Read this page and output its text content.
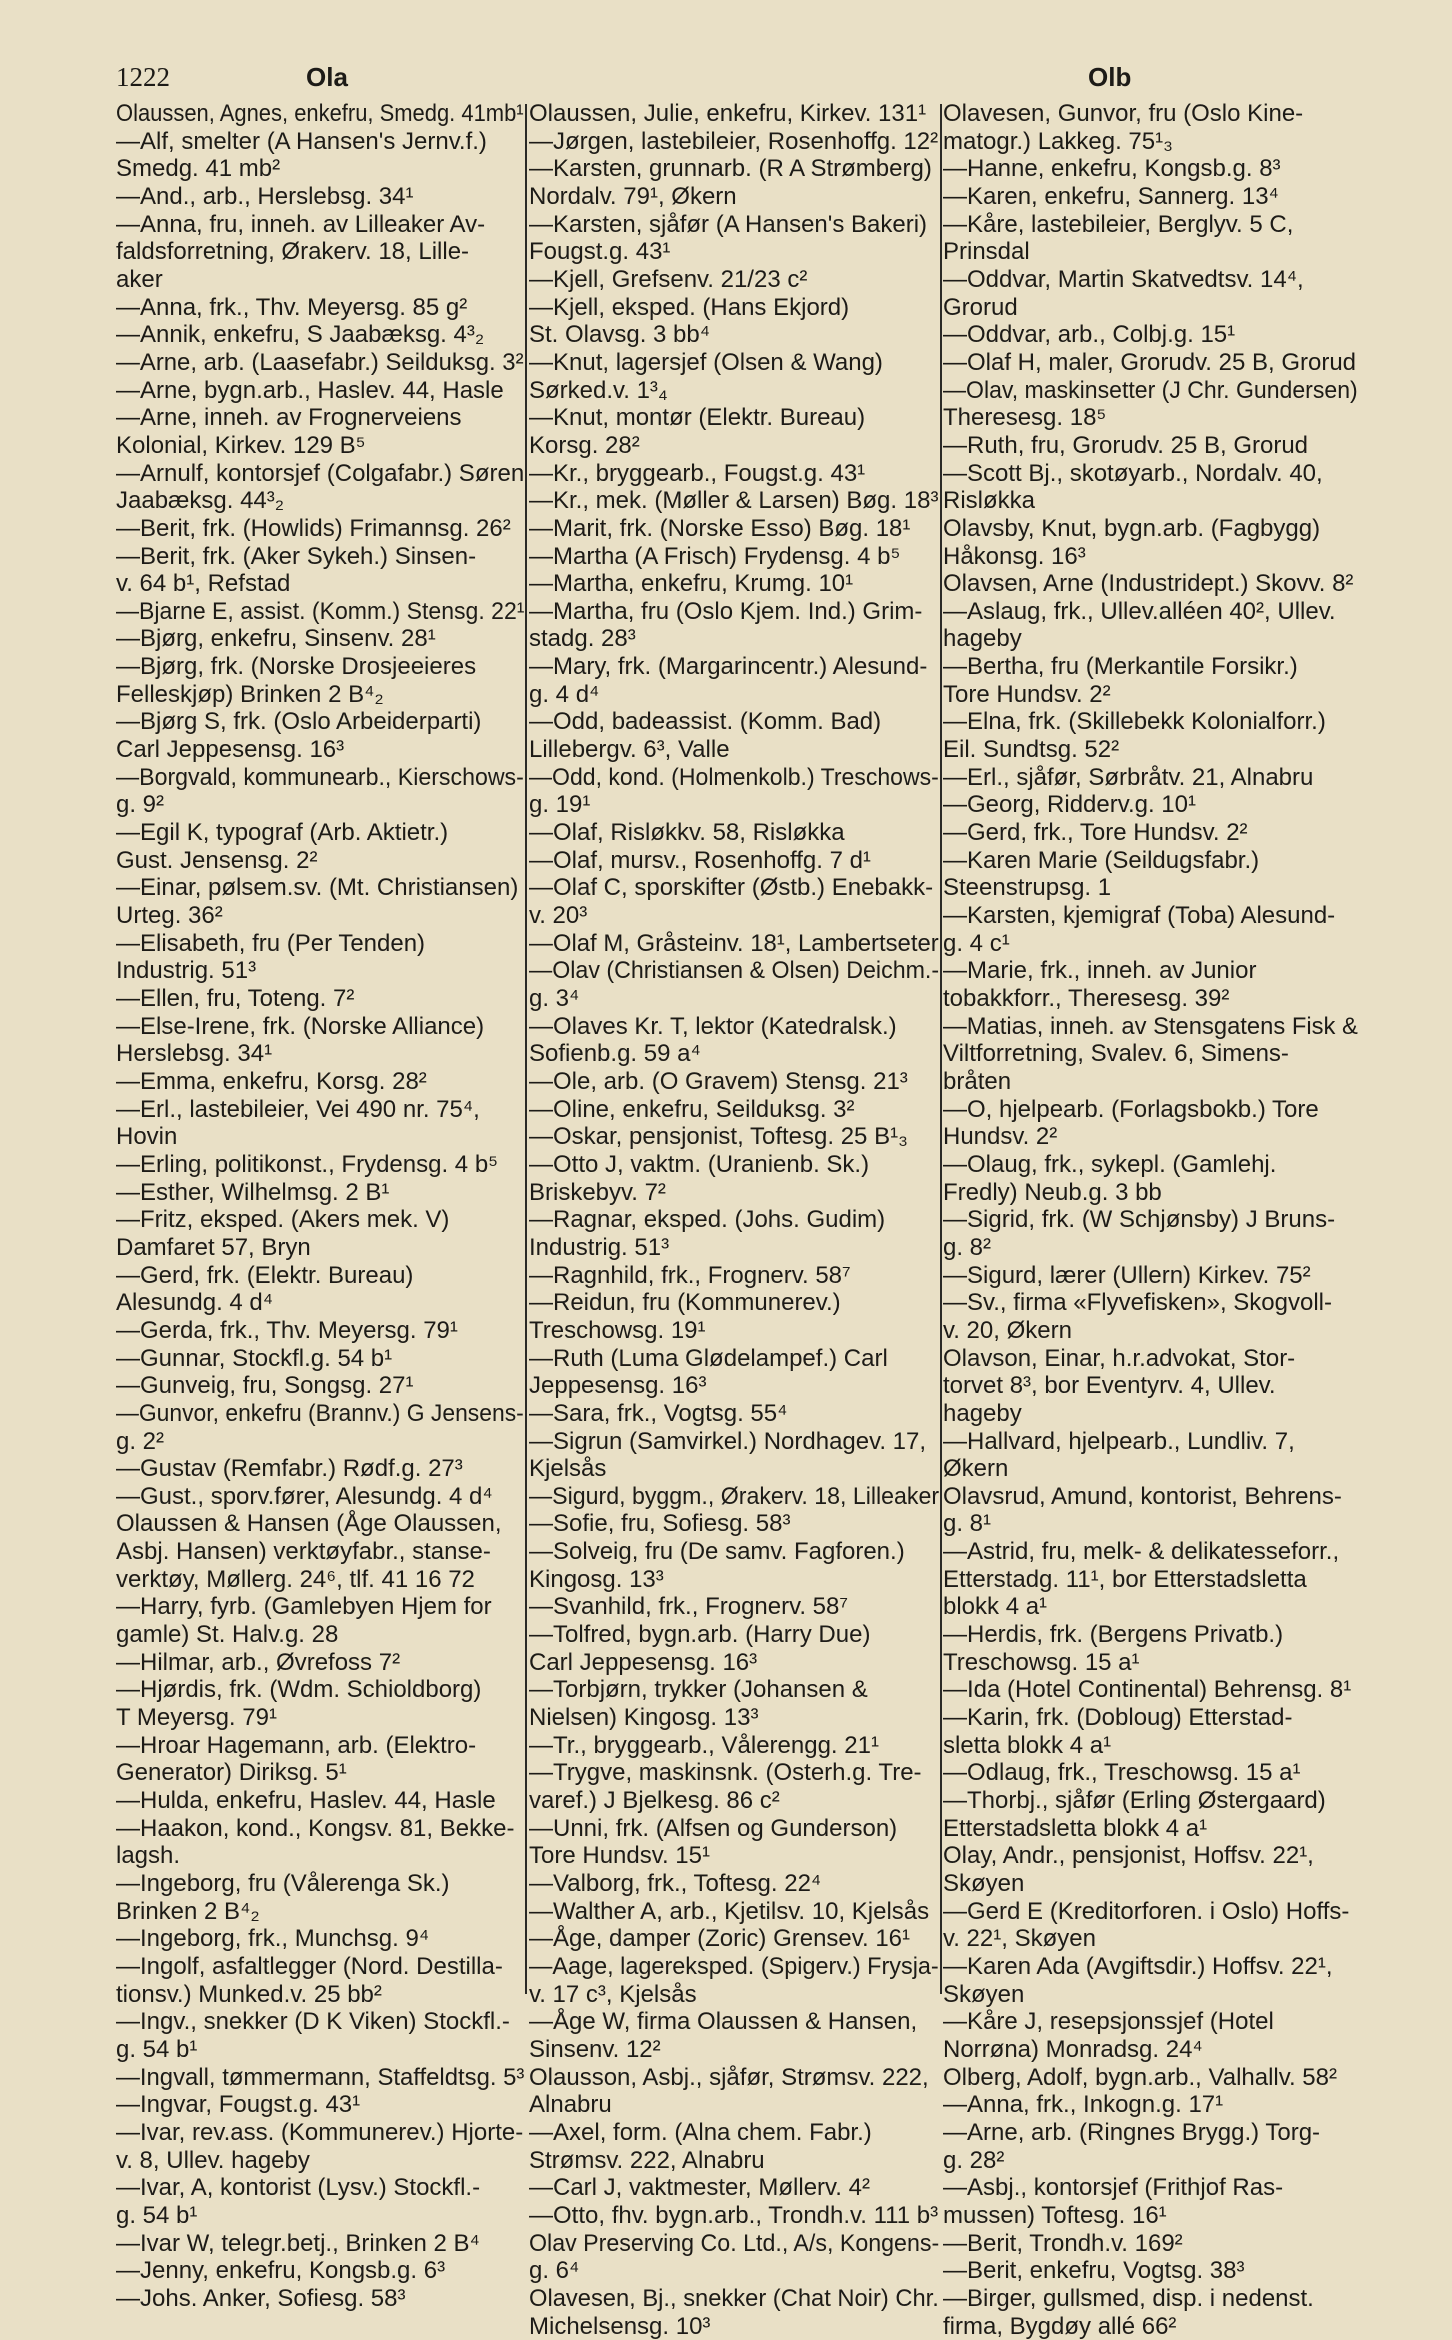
1222	Ola	Olb
Olaussen, Agnes, enkefru, Smedg. 41mb¹
—Alf, smelter (A Hansen's Jernv.f.)
Smedg. 41 mb²
—And., arb., Herslebsg. 34¹
—Anna, fru, inneh. av Lilleaker Av-
faldsforretning, Ørakerv. 18, Lille-
aker
—Anna, frk., Thv. Meyersg. 85 g²
—Annik, enkefru, S Jaabæksg. 4³₂
—Arne, arb. (Laasefabr.) Seilduksg. 3²
—Arne, bygn.arb., Haslev. 44, Hasle
—Arne, inneh. av Frognerveiens
Kolonial, Kirkev. 129 B⁵
—Arnulf, kontorsjef (Colgafabr.) Søren
Jaabæksg. 44³₂
—Berit, frk. (Howlids) Frimannsg. 26²
—Berit, frk. (Aker Sykeh.) Sinsen-
v. 64 b¹, Refstad
—Bjarne E, assist. (Komm.) Stensg. 22¹
—Bjørg, enkefru, Sinsenv. 28¹
—Bjørg, frk. (Norske Drosjeeieres
Felleskjøp) Brinken 2 B⁴₂
—Bjørg S, frk. (Oslo Arbeiderparti)
Carl Jeppesensg. 16³
—Borgvald, kommunearb., Kierschows-
g. 9²
—Egil K, typograf (Arb. Aktietr.)
Gust. Jensensg. 2²
—Einar, pølsem.sv. (Mt. Christiansen)
Urteg. 36²
—Elisabeth, fru (Per Tenden)
Industrig. 51³
—Ellen, fru, Toteng. 7²
—Else-Irene, frk. (Norske Alliance)
Herslebsg. 34¹
—Emma, enkefru, Korsg. 28²
—Erl., lastebileier, Vei 490 nr. 75⁴,
Hovin
—Erling, politikonst., Frydensg. 4 b⁵
—Esther, Wilhelmsg. 2 B¹
—Fritz, eksped. (Akers mek. V)
Damfaret 57, Bryn
—Gerd, frk. (Elektr. Bureau)
Alesundg. 4 d⁴
—Gerda, frk., Thv. Meyersg. 79¹
—Gunnar, Stockfl.g. 54 b¹
—Gunveig, fru, Songsg. 27¹
—Gunvor, enkefru (Brannv.) G Jensens-
g. 2²
—Gustav (Remfabr.) Rødf.g. 27³
—Gust., sporv.fører, Alesundg. 4 d⁴
Olaussen & Hansen (Åge Olaussen,
Asbj. Hansen) verktøyfabr., stanse-
verktøy, Møllerg. 24⁶, tlf. 41 16 72
—Harry, fyrb. (Gamlebyen Hjem for
gamle) St. Halv.g. 28
—Hilmar, arb., Øvrefoss 7²
—Hjørdis, frk. (Wdm. Schioldborg)
T Meyersg. 79¹
—Hroar Hagemann, arb. (Elektro-
Generator) Diriksg. 5¹
—Hulda, enkefru, Haslev. 44, Hasle
—Haakon, kond., Kongsv. 81, Bekke-
lagsh.
—Ingeborg, fru (Vålerenga Sk.)
Brinken 2 B⁴₂
—Ingeborg, frk., Munchsg. 9⁴
—Ingolf, asfaltlegger (Nord. Destilla-
tionsv.) Munked.v. 25 bb²
—Ingv., snekker (D K Viken) Stockfl.-
g. 54 b¹
—Ingvall, tømmermann, Staffeldtsg. 5³
—Ingvar, Fougst.g. 43¹
—Ivar, rev.ass. (Kommunerev.) Hjorte-
v. 8, Ullev. hageby
—Ivar, A, kontorist (Lysv.) Stockfl.-
g. 54 b¹
—Ivar W, telegr.betj., Brinken 2 B⁴
—Jenny, enkefru, Kongsb.g. 6³
—Johs. Anker, Sofiesg. 58³
Olaussen, Julie, enkefru, Kirkev. 131¹
—Jørgen, lastebileier, Rosenhoffg. 12²
—Karsten, grunnarb. (R A Strømberg)
Nordalv. 79¹, Økern
—Karsten, sjåfør (A Hansen's Bakeri)
Fougst.g. 43¹
—Kjell, Grefsenv. 21/23 c²
—Kjell, eksped. (Hans Ekjord)
St. Olavsg. 3 bb⁴
—Knut, lagersjef (Olsen & Wang)
Sørked.v. 1³₄
—Knut, montør (Elektr. Bureau)
Korsg. 28²
—Kr., bryggearb., Fougst.g. 43¹
—Kr., mek. (Møller & Larsen) Bøg. 18³
—Marit, frk. (Norske Esso) Bøg. 18¹
—Martha (A Frisch) Frydensg. 4 b⁵
—Martha, enkefru, Krumg. 10¹
—Martha, fru (Oslo Kjem. Ind.) Grim-
stadg. 28³
—Mary, frk. (Margarincentr.) Alesund-
g. 4 d⁴
—Odd, badeassist. (Komm. Bad)
Lillebergv. 6³, Valle
—Odd, kond. (Holmenkolb.) Treschows-
g. 19¹
—Olaf, Risløkkv. 58, Risløkka
—Olaf, mursv., Rosenhoffg. 7 d¹
—Olaf C, sporskifter (Østb.) Enebakk-
v. 20³
—Olaf M, Gråsteinv. 18¹, Lambertseter
—Olav (Christiansen & Olsen) Deichm.-
g. 3⁴
—Olaves Kr. T, lektor (Katedralsk.)
Sofienb.g. 59 a⁴
—Ole, arb. (O Gravem) Stensg. 21³
—Oline, enkefru, Seilduksg. 3²
—Oskar, pensjonist, Toftesg. 25 B¹₃
—Otto J, vaktm. (Uranienb. Sk.)
Briskebyv. 7²
—Ragnar, eksped. (Johs. Gudim)
Industrig. 51³
—Ragnhild, frk., Frognerv. 58⁷
—Reidun, fru (Kommunerev.)
Treschowsg. 19¹
—Ruth (Luma Glødelampef.) Carl
Jeppesensg. 16³
—Sara, frk., Vogtsg. 55⁴
—Sigrun (Samvirkel.) Nordhagev. 17,
Kjelsås
—Sigurd, byggm., Ørakerv. 18, Lilleaker
—Sofie, fru, Sofiesg. 58³
—Solveig, fru (De samv. Fagforen.)
Kingosg. 13³
—Svanhild, frk., Frognerv. 58⁷
—Tolfred, bygn.arb. (Harry Due)
Carl Jeppesensg. 16³
—Torbjørn, trykker (Johansen &
Nielsen) Kingosg. 13³
—Tr., bryggearb., Vålerengg. 21¹
—Trygve, maskinsnk. (Osterh.g. Tre-
varef.) J Bjelkesg. 86 c²
—Unni, frk. (Alfsen og Gunderson)
Tore Hundsv. 15¹
—Valborg, frk., Toftesg. 22⁴
—Walther A, arb., Kjetilsv. 10, Kjelsås
—Åge, damper (Zoric) Grensev. 16¹
—Aage, lagereksped. (Spigerv.) Frysja-
v. 17 c³, Kjelsås
—Åge W, firma Olaussen & Hansen,
Sinsenv. 12²
Olausson, Asbj., sjåfør, Strømsv. 222,
Alnabru
—Axel, form. (Alna chem. Fabr.)
Strømsv. 222, Alnabru
—Carl J, vaktmester, Møllerv. 4²
—Otto, fhv. bygn.arb., Trondh.v. 111 b³
Olav Preserving Co. Ltd., A/s, Kongens-
g. 6⁴
Olavesen, Bj., snekker (Chat Noir) Chr.
Michelsensg. 10³
Olavesen, Gunvor, fru (Oslo Kine-
matogr.) Lakkeg. 75¹₃
—Hanne, enkefru, Kongsb.g. 8³
—Karen, enkefru, Sannerg. 13⁴
—Kåre, lastebileier, Berglyv. 5 C,
Prinsdal
—Oddvar, Martin Skatvedtsv. 14⁴,
Grorud
—Oddvar, arb., Colbj.g. 15¹
—Olaf H, maler, Grorudv. 25 B, Grorud
—Olav, maskinsetter (J Chr. Gundersen)
Theresesg. 18⁵
—Ruth, fru, Grorudv. 25 B, Grorud
—Scott Bj., skotøyarb., Nordalv. 40,
Risløkka
Olavsby, Knut, bygn.arb. (Fagbygg)
Håkonsg. 16³
Olavsen, Arne (Industridept.) Skovv. 8²
—Aslaug, frk., Ullev.alléen 40², Ullev.
hageby
—Bertha, fru (Merkantile Forsikr.)
Tore Hundsv. 2²
—Elna, frk. (Skillebekk Kolonialforr.)
Eil. Sundtsg. 52²
—Erl., sjåfør, Sørbråtv. 21, Alnabru
—Georg, Ridderv.g. 10¹
—Gerd, frk., Tore Hundsv. 2²
—Karen Marie (Seildugsfabr.)
Steenstrupsg. 1
—Karsten, kjemigraf (Toba) Alesund-
g. 4 c¹
—Marie, frk., inneh. av Junior
tobakkforr., Theresesg. 39²
—Matias, inneh. av Stensgatens Fisk &
Viltforretning, Svalev. 6, Simens-
bråten
—O, hjelpearb. (Forlagsbokb.) Tore
Hundsv. 2²
—Olaug, frk., sykepl. (Gamlehj.
Fredly) Neub.g. 3 bb
—Sigrid, frk. (W Schjønsby) J Bruns-
g. 8²
—Sigurd, lærer (Ullern) Kirkev. 75²
—Sv., firma «Flyvefisken», Skogvoll-
v. 20, Økern
Olavson, Einar, h.r.advokat, Stor-
torvet 8³, bor Eventyrv. 4, Ullev.
hageby
—Hallvard, hjelpearb., Lundliv. 7,
Økern
Olavsrud, Amund, kontorist, Behrens-
g. 8¹
—Astrid, fru, melk- & delikatesseforr.,
Etterstadg. 11¹, bor Etterstadsletta
blokk 4 a¹
—Herdis, frk. (Bergens Privatb.)
Treschowsg. 15 a¹
—Ida (Hotel Continental) Behrensg. 8¹
—Karin, frk. (Doblоug) Etterstad-
sletta blokk 4 a¹
—Odlaug, frk., Treschowsg. 15 a¹
—Thorbj., sjåfør (Erling Østergaard)
Etterstadsletta blokk 4 a¹
Olay, Andr., pensjonist, Hoffsv. 22¹,
Skøyen
—Gerd E (Kreditorforen. i Oslo) Hoffs-
v. 22¹, Skøyen
—Karen Ada (Avgiftsdir.) Hoffsv. 22¹,
Skøyen
—Kåre J, resepsjonssjef (Hotel
Norrøna) Monradsg. 24⁴
Olberg, Adolf, bygn.arb., Valhallv. 58²
—Anna, frk., Inkogn.g. 17¹
—Arne, arb. (Ringnes Brygg.) Torg-
g. 28²
—Asbj., kontorsjef (Frithjof Ras-
mussen) Toftesg. 16¹
—Berit, Trondh.v. 169²
—Berit, enkefru, Vogtsg. 38³
—Birger, gullsmed, disp. i nedenst.
firma, Bygdøy allé 66²
